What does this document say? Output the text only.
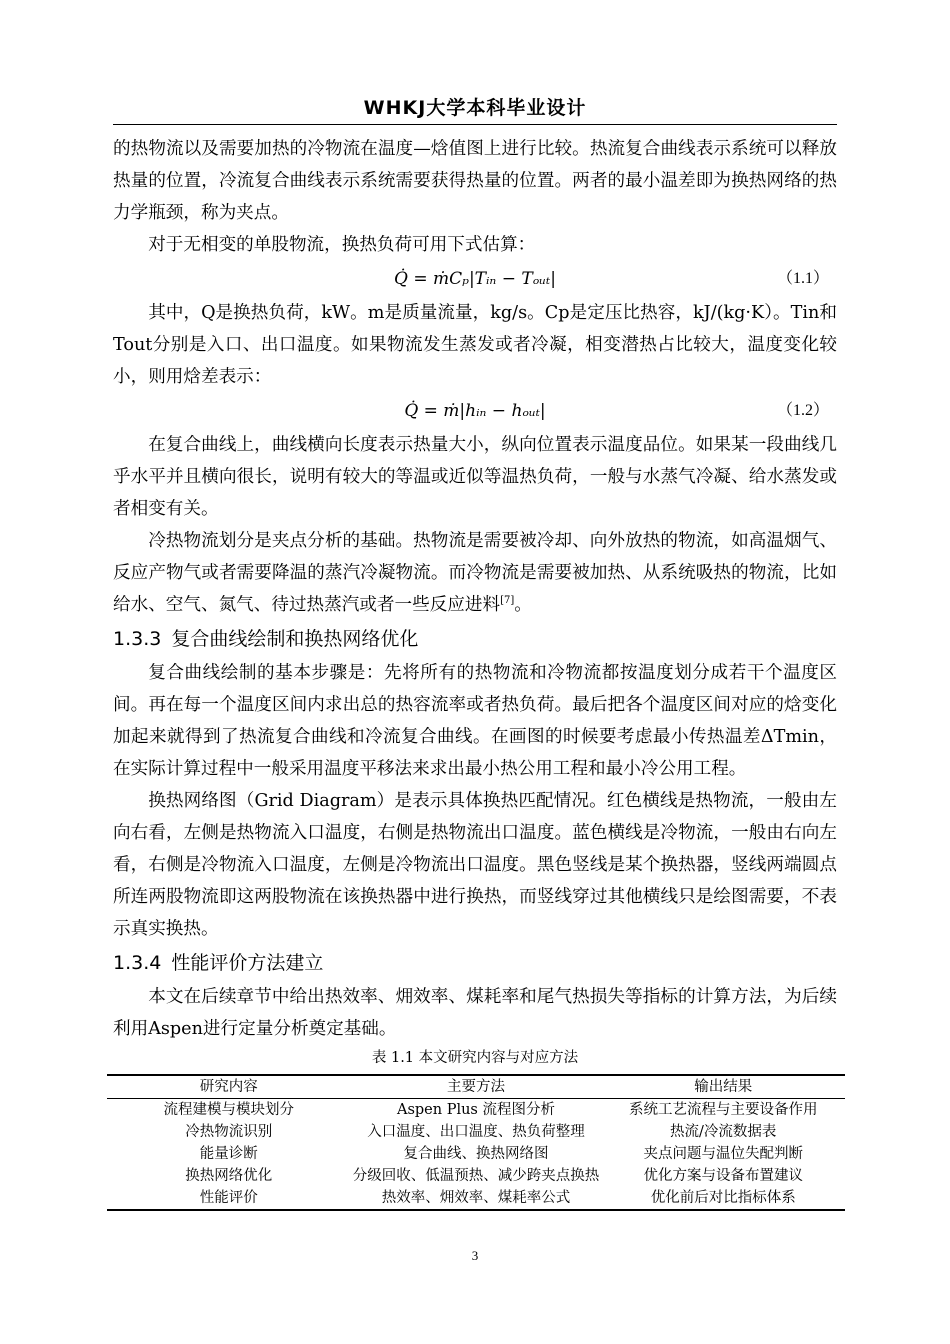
WHKJ大学本科毕业设计

的热物流以及需要加热的冷物流在温度—焓值图上进行比较。热流复合曲线表示系统可以释放热量的位置，冷流复合曲线表示系统需要获得热量的位置。两者的最小温差即为换热网络的热力学瓶颈，称为夹点。

对于无相变的单股物流，换热负荷可用下式估算：

Q̇ = ṁCₚ|Tᵢₙ − Tₒᵤₜ|	（1.1）

其中，Q是换热负荷，kW。m是质量流量，kg/s。Cp是定压比热容，kJ/(kg·K）。Tin和Tout分别是入口、出口温度。如果物流发生蒸发或者冷凝，相变潜热占比较大，温度变化较小，则用焓差表示：

Q̇ = ṁ|hᵢₙ − hₒᵤₜ|	（1.2）

在复合曲线上，曲线横向长度表示热量大小，纵向位置表示温度品位。如果某一段曲线几乎水平并且横向很长，说明有较大的等温或近似等温热负荷，一般与水蒸气冷凝、给水蒸发或者相变有关。

冷热物流划分是夹点分析的基础。热物流是需要被冷却、向外放热的物流，如高温烟气、反应产物气或者需要降温的蒸汽冷凝物流。而冷物流是需要被加热、从系统吸热的物流，比如给水、空气、氮气、待过热蒸汽或者一些反应进料[7]。

1.3.3 复合曲线绘制和换热网络优化

复合曲线绘制的基本步骤是：先将所有的热物流和冷物流都按温度划分成若干个温度区间。再在每一个温度区间内求出总的热容流率或者热负荷。最后把各个温度区间对应的焓变化加起来就得到了热流复合曲线和冷流复合曲线。在画图的时候要考虑最小传热温差ΔTmin，在实际计算过程中一般采用温度平移法来求出最小热公用工程和最小冷公用工程。

换热网络图（Grid Diagram）是表示具体换热匹配情况。红色横线是热物流，一般由左向右看，左侧是热物流入口温度，右侧是热物流出口温度。蓝色横线是冷物流，一般由右向左看，右侧是冷物流入口温度，左侧是冷物流出口温度。黑色竖线是某个换热器，竖线两端圆点所连两股物流即这两股物流在该换热器中进行换热，而竖线穿过其他横线只是绘图需要，不表示真实换热。

1.3.4 性能评价方法建立

本文在后续章节中给出热效率、㶲效率、煤耗率和尾气热损失等指标的计算方法，为后续利用Aspen进行定量分析奠定基础。

表 1.1 本文研究内容与对应方法
研究内容	主要方法	输出结果
流程建模与模块划分	Aspen Plus 流程图分析	系统工艺流程与主要设备作用
冷热物流识别	入口温度、出口温度、热负荷整理	热流/冷流数据表
能量诊断	复合曲线、换热网络图	夹点问题与温位失配判断
换热网络优化	分级回收、低温预热、减少跨夹点换热	优化方案与设备布置建议
性能评价	热效率、㶲效率、煤耗率公式	优化前后对比指标体系
3
